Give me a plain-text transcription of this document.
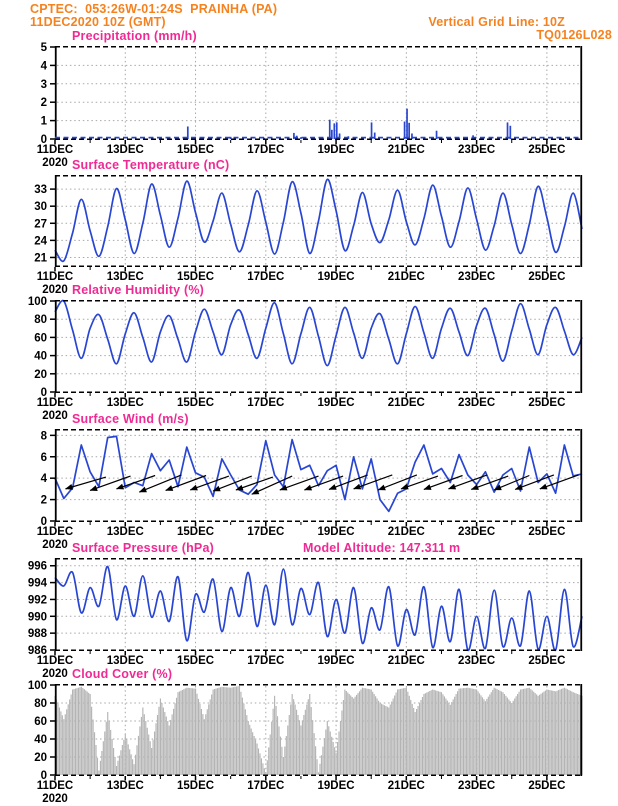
CPTEC:  053:26W-01:24S  PRAINHA (PA)
11DEC2020 10Z (GMT)	Vertical Grid Line: 10Z
TQ0126L028
Precipitation (mm/h)
Surface Temperature (nC)
Relative Humidity (%)
Surface Wind (m/s)
Surface Pressure (hPa)	Model Altitude: 147.311 m
Cloud Cover (%)
0
1
2
3
4
5
11DEC	13DEC	15DEC	17DEC	19DEC	21DEC	23DEC	25DEC
2020
21
24
27
30
33
11DEC	13DEC	15DEC	17DEC	19DEC	21DEC	23DEC	25DEC
2020
0
20
40
60
80
100
11DEC	13DEC	15DEC	17DEC	19DEC	21DEC	23DEC	25DEC
2020
0
2
4
6
8
11DEC	13DEC	15DEC	17DEC	19DEC	21DEC	23DEC	25DEC
2020
986
988
990
992
994
996
11DEC	13DEC	15DEC	17DEC	19DEC	21DEC	23DEC	25DEC
2020
0
20
40
60
80
100
11DEC	13DEC	15DEC	17DEC	19DEC	21DEC	23DEC	25DEC
2020
